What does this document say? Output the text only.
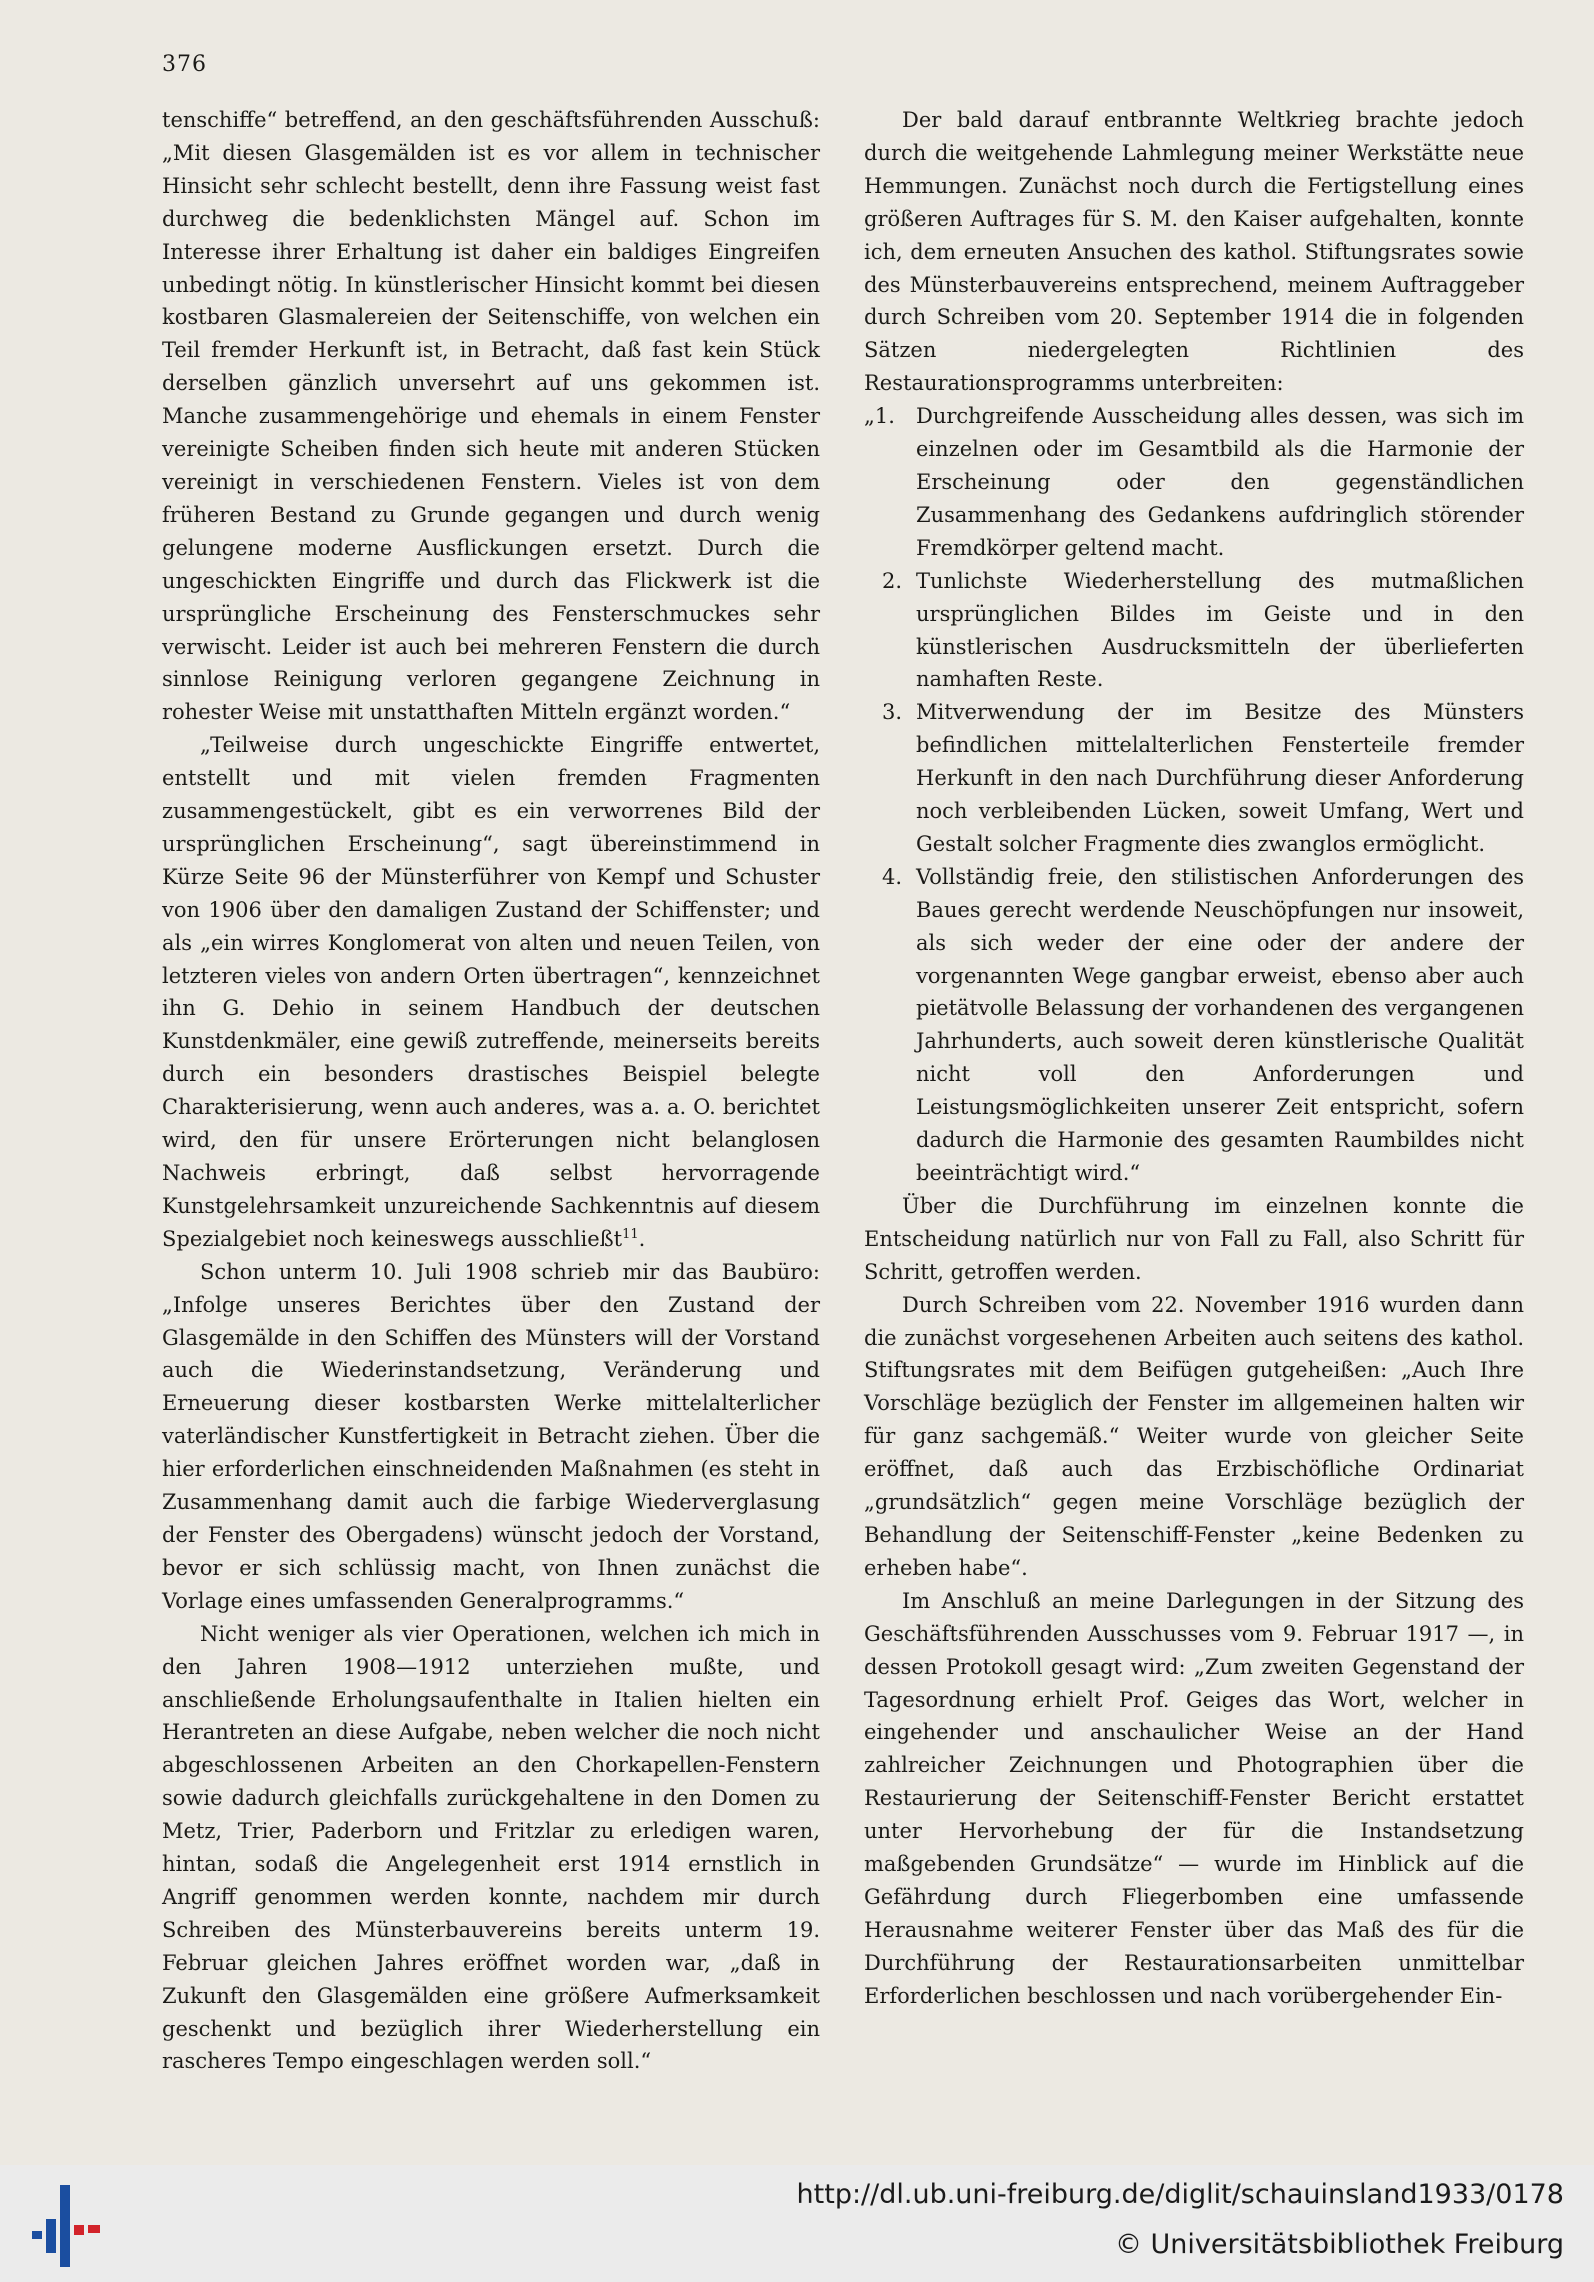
376

tenschiffe“ betreffend, an den geschäftsführenden Ausschuß: „Mit diesen Glasgemälden ist es vor allem in technischer Hinsicht sehr schlecht bestellt, denn ihre Fassung weist fast durchweg die bedenklichsten Mängel auf. Schon im Interesse ihrer Erhaltung ist daher ein baldiges Eingreifen unbedingt nötig. In künstlerischer Hinsicht kommt bei diesen kostbaren Glasmalereien der Seitenschiffe, von welchen ein Teil fremder Herkunft ist, in Betracht, daß fast kein Stück derselben gänzlich unversehrt auf uns gekommen ist. Manche zusammengehörige und ehemals in einem Fenster vereinigte Scheiben finden sich heute mit anderen Stücken vereinigt in verschiedenen Fenstern. Vieles ist von dem früheren Bestand zu Grunde gegangen und durch wenig gelungene moderne Ausflickungen ersetzt. Durch die ungeschickten Eingriffe und durch das Flickwerk ist die ursprüngliche Erscheinung des Fensterschmuckes sehr verwischt. Leider ist auch bei mehreren Fenstern die durch sinnlose Reinigung verloren gegangene Zeichnung in rohester Weise mit unstatthaften Mitteln ergänzt worden.“

„Teilweise durch ungeschickte Eingriffe entwertet, entstellt und mit vielen fremden Fragmenten zusammengestückelt, gibt es ein verworrenes Bild der ursprünglichen Erscheinung“, sagt übereinstimmend in Kürze Seite 96 der Münsterführer von Kempf und Schuster von 1906 über den damaligen Zustand der Schiffenster; und als „ein wirres Konglomerat von alten und neuen Teilen, von letzteren vieles von andern Orten übertragen“, kennzeichnet ihn G. Dehio in seinem Handbuch der deutschen Kunstdenkmäler, eine gewiß zutreffende, meinerseits bereits durch ein besonders drastisches Beispiel belegte Charakterisierung, wenn auch anderes, was a. a. O. berichtet wird, den für unsere Erörterungen nicht belanglosen Nachweis erbringt, daß selbst hervorragende Kunstgelehrsamkeit unzureichende Sachkenntnis auf diesem Spezialgebiet noch keineswegs ausschließt$^{11}$.

Schon unterm 10. Juli 1908 schrieb mir das Baubüro: „Infolge unseres Berichtes über den Zustand der Glasgemälde in den Schiffen des Münsters will der Vorstand auch die Wiederinstandsetzung, Veränderung und Erneuerung dieser kostbarsten Werke mittelalterlicher vaterländischer Kunstfertigkeit in Betracht ziehen. Über die hier erforderlichen einschneidenden Maßnahmen (es steht in Zusammenhang damit auch die farbige Wiederverglasung der Fenster des Obergadens) wünscht jedoch der Vorstand, bevor er sich schlüssig macht, von Ihnen zunächst die Vorlage eines umfassenden Generalprogramms.“

Nicht weniger als vier Operationen, welchen ich mich in den Jahren 1908—1912 unterziehen mußte, und anschließende Erholungsaufenthalte in Italien hielten ein Herantreten an diese Aufgabe, neben welcher die noch nicht abgeschlossenen Arbeiten an den Chorkapellen-Fenstern sowie dadurch gleichfalls zurückgehaltene in den Domen zu Metz, Trier, Paderborn und Fritzlar zu erledigen waren, hintan, sodaß die Angelegenheit erst 1914 ernstlich in Angriff genommen werden konnte, nachdem mir durch Schreiben des Münsterbauvereins bereits unterm 19. Februar gleichen Jahres eröffnet worden war, „daß in Zukunft den Glasgemälden eine größere Aufmerksamkeit geschenkt und bezüglich ihrer Wiederherstellung ein rascheres Tempo eingeschlagen werden soll.“

Der bald darauf entbrannte Weltkrieg brachte jedoch durch die weitgehende Lahmlegung meiner Werkstätte neue Hemmungen. Zunächst noch durch die Fertigstellung eines größeren Auftrages für S. M. den Kaiser aufgehalten, konnte ich, dem erneuten Ansuchen des kathol. Stiftungsrates sowie des Münsterbauvereins entsprechend, meinem Auftraggeber durch Schreiben vom 20. September 1914 die in folgenden Sätzen niedergelegten Richtlinien des Restaurationsprogramms unterbreiten:

„1. Durchgreifende Ausscheidung alles dessen, was sich im einzelnen oder im Gesamtbild als die Harmonie der Erscheinung oder den gegenständlichen Zusammenhang des Gedankens aufdringlich störender Fremdkörper geltend macht.
2. Tunlichste Wiederherstellung des mutmaßlichen ursprünglichen Bildes im Geiste und in den künstlerischen Ausdrucksmitteln der überlieferten namhaften Reste.
3. Mitverwendung der im Besitze des Münsters befindlichen mittelalterlichen Fensterteile fremder Herkunft in den nach Durchführung dieser Anforderung noch verbleibenden Lücken, soweit Umfang, Wert und Gestalt solcher Fragmente dies zwanglos ermöglicht.
4. Vollständig freie, den stilistischen Anforderungen des Baues gerecht werdende Neuschöpfungen nur insoweit, als sich weder der eine oder der andere der vorgenannten Wege gangbar erweist, ebenso aber auch pietätvolle Belassung der vorhandenen des vergangenen Jahrhunderts, auch soweit deren künstlerische Qualität nicht voll den Anforderungen und Leistungsmöglichkeiten unserer Zeit entspricht, sofern dadurch die Harmonie des gesamten Raumbildes nicht beeinträchtigt wird.“

Über die Durchführung im einzelnen konnte die Entscheidung natürlich nur von Fall zu Fall, also Schritt für Schritt, getroffen werden.

Durch Schreiben vom 22. November 1916 wurden dann die zunächst vorgesehenen Arbeiten auch seitens des kathol. Stiftungsrates mit dem Beifügen gutgeheißen: „Auch Ihre Vorschläge bezüglich der Fenster im allgemeinen halten wir für ganz sachgemäß.“ Weiter wurde von gleicher Seite eröffnet, daß auch das Erzbischöfliche Ordinariat „grundsätzlich“ gegen meine Vorschläge bezüglich der Behandlung der Seitenschiff-Fenster „keine Bedenken zu erheben habe“.

Im Anschluß an meine Darlegungen in der Sitzung des Geschäftsführenden Ausschusses vom 9. Februar 1917 —, in dessen Protokoll gesagt wird: „Zum zweiten Gegenstand der Tagesordnung erhielt Prof. Geiges das Wort, welcher in eingehender und anschaulicher Weise an der Hand zahlreicher Zeichnungen und Photographien über die Restaurierung der Seitenschiff-Fenster Bericht erstattet unter Hervorhebung der für die Instandsetzung maßgebenden Grundsätze“ — wurde im Hinblick auf die Gefährdung durch Fliegerbomben eine umfassende Herausnahme weiterer Fenster über das Maß des für die Durchführung der Restaurationsarbeiten unmittelbar Erforderlichen beschlossen und nach vorübergehender Ein-

http://dl.ub.uni-freiburg.de/diglit/schauinsland1933/0178
© Universitätsbibliothek Freiburg
